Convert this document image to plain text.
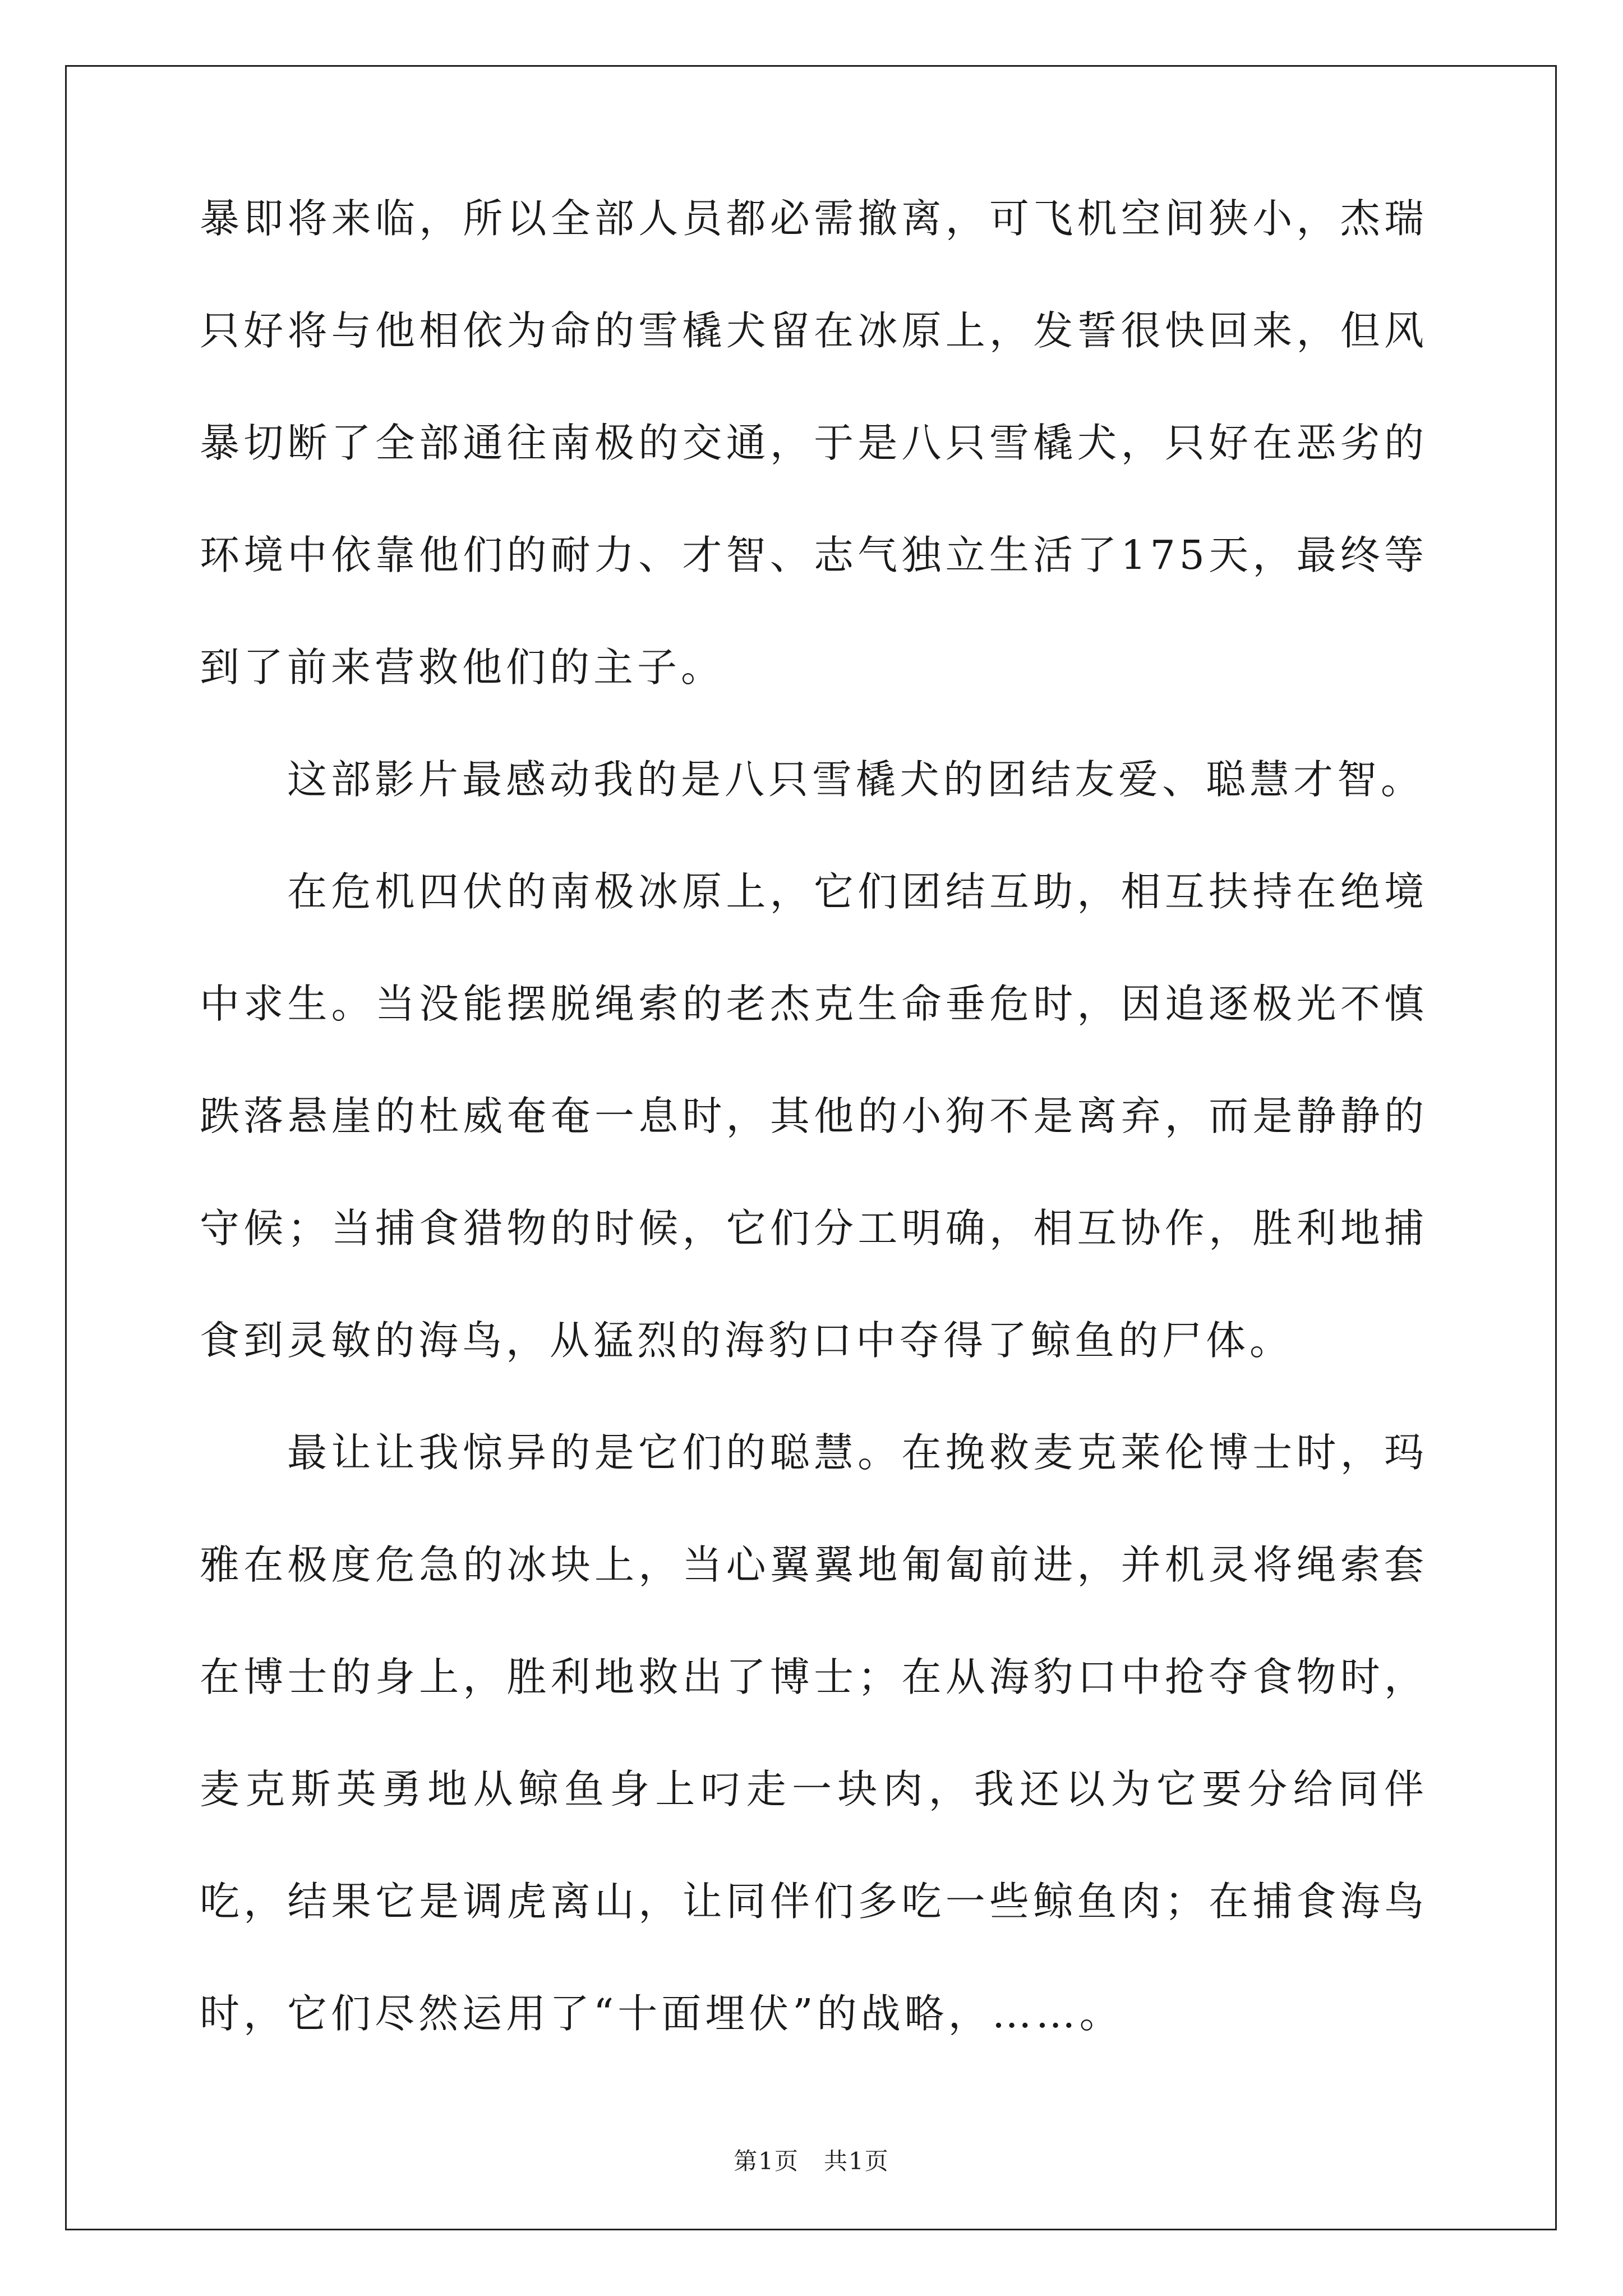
暴即将来临，所以全部人员都必需撤离，可飞机空间狭小，杰瑞只好将与他相依为命的雪橇犬留在冰原上，发誓很快回来，但风暴切断了全部通往南极的交通，于是八只雪橇犬，只好在恶劣的环境中依靠他们的耐力、才智、志气独立生活了175天，最终等到了前来营救他们的主子。

这部影片最感动我的是八只雪橇犬的团结友爱、聪慧才智。

在危机四伏的南极冰原上，它们团结互助，相互扶持在绝境中求生。当没能摆脱绳索的老杰克生命垂危时，因追逐极光不慎跌落悬崖的杜威奄奄一息时，其他的小狗不是离弃，而是静静的守候；当捕食猎物的时候，它们分工明确，相互协作，胜利地捕食到灵敏的海鸟，从猛烈的海豹口中夺得了鲸鱼的尸体。

最让让我惊异的是它们的聪慧。在挽救麦克莱伦博士时，玛雅在极度危急的冰块上，当心翼翼地匍匐前进，并机灵将绳索套在博士的身上，胜利地救出了博士；在从海豹口中抢夺食物时，麦克斯英勇地从鲸鱼身上叼走一块肉，我还以为它要分给同伴吃，结果它是调虎离山，让同伴们多吃一些鲸鱼肉；在捕食海鸟时，它们尽然运用了“十面埋伏”的战略，……。

第1页 共1页
